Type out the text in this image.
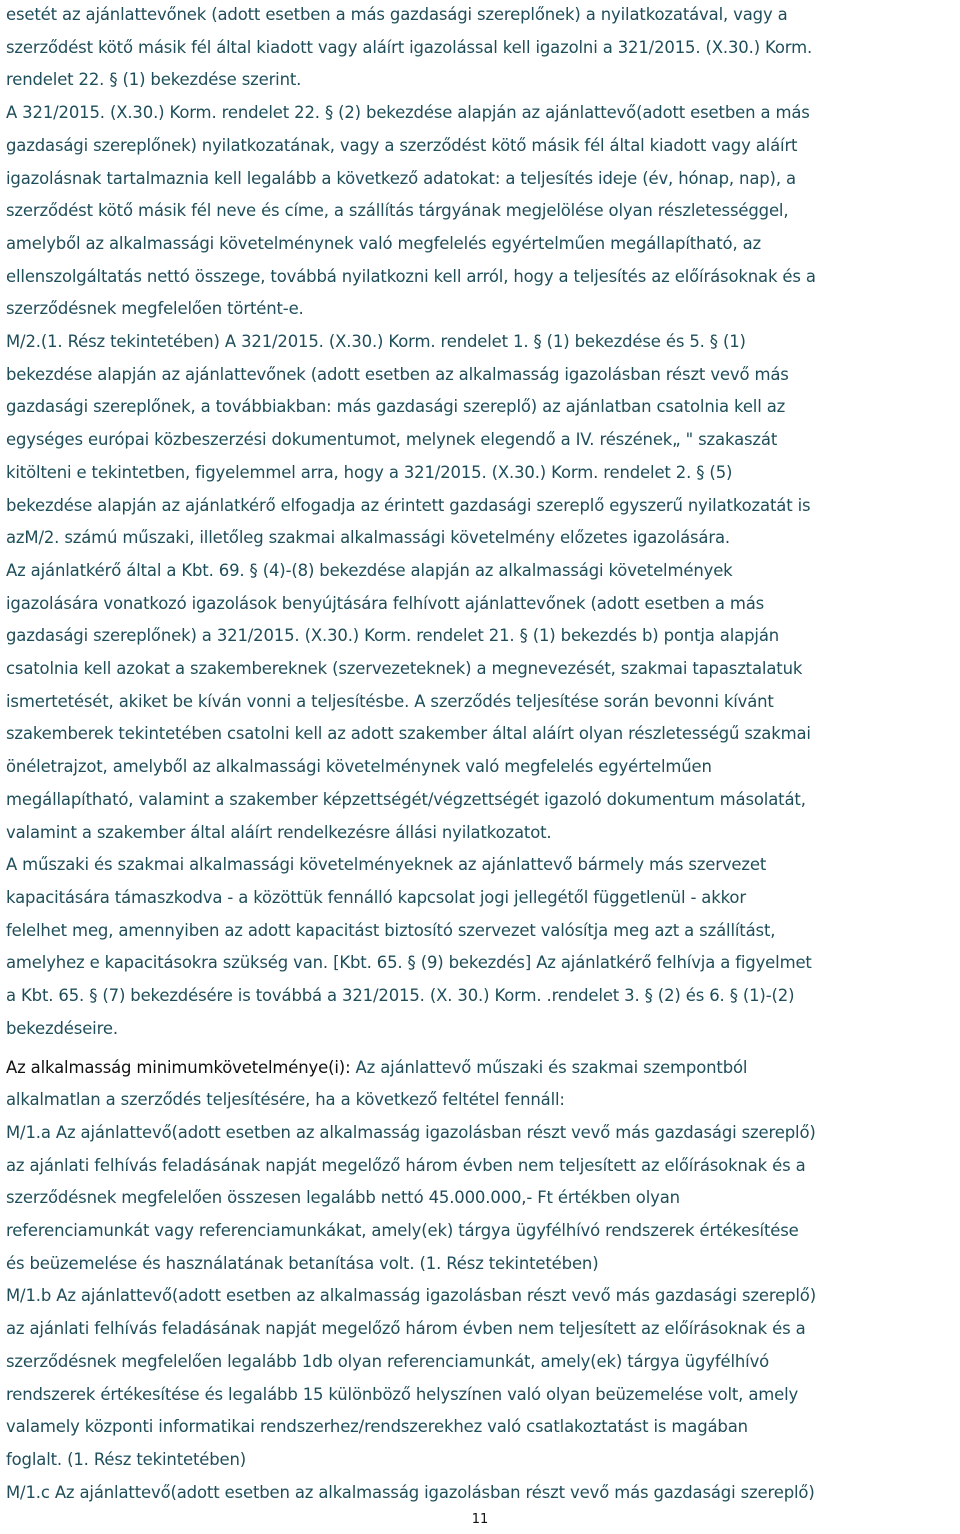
esetét az ajánlattevőnek (adott esetben a más gazdasági szereplőnek) a nyilatkozatával, vagy a
szerződést kötő másik fél által kiadott vagy aláírt igazolással kell igazolni a 321/2015. (X.30.) Korm.
rendelet 22. § (1) bekezdése szerint.
A 321/2015. (X.30.) Korm. rendelet 22. § (2) bekezdése alapján az ajánlattevő(adott esetben a más
gazdasági szereplőnek) nyilatkozatának, vagy a szerződést kötő másik fél által kiadott vagy aláírt
igazolásnak tartalmaznia kell legalább a következő adatokat: a teljesítés ideje (év, hónap, nap), a
szerződést kötő másik fél neve és címe, a szállítás tárgyának megjelölése olyan részletességgel,
amelyből az alkalmassági követelménynek való megfelelés egyértelműen megállapítható, az
ellenszolgáltatás nettó összege, továbbá nyilatkozni kell arról, hogy a teljesítés az előírásoknak és a
szerződésnek megfelelően történt-e.
M/2.(1. Rész tekintetében) A 321/2015. (X.30.) Korm. rendelet 1. § (1) bekezdése és 5. § (1)
bekezdése alapján az ajánlattevőnek (adott esetben az alkalmasság igazolásban részt vevő más
gazdasági szereplőnek, a továbbiakban: más gazdasági szereplő) az ajánlatban csatolnia kell az
egységes európai közbeszerzési dokumentumot, melynek elegendő a IV. részének„ " szakaszát
kitölteni e tekintetben, figyelemmel arra, hogy a 321/2015. (X.30.) Korm. rendelet 2. § (5)
bekezdése alapján az ajánlatkérő elfogadja az érintett gazdasági szereplő egyszerű nyilatkozatát is
azM/2. számú műszaki, illetőleg szakmai alkalmassági követelmény előzetes igazolására.
Az ajánlatkérő által a Kbt. 69. § (4)-(8) bekezdése alapján az alkalmassági követelmények
igazolására vonatkozó igazolások benyújtására felhívott ajánlattevőnek (adott esetben a más
gazdasági szereplőnek) a 321/2015. (X.30.) Korm. rendelet 21. § (1) bekezdés b) pontja alapján
csatolnia kell azokat a szakembereknek (szervezeteknek) a megnevezését, szakmai tapasztalatuk
ismertetését, akiket be kíván vonni a teljesítésbe. A szerződés teljesítése során bevonni kívánt
szakemberek tekintetében csatolni kell az adott szakember által aláírt olyan részletességű szakmai
önéletrajzot, amelyből az alkalmassági követelménynek való megfelelés egyértelműen
megállapítható, valamint a szakember képzettségét/végzettségét igazoló dokumentum másolatát,
valamint a szakember által aláírt rendelkezésre állási nyilatkozatot.
A műszaki és szakmai alkalmassági követelményeknek az ajánlattevő bármely más szervezet
kapacitására támaszkodva - a közöttük fennálló kapcsolat jogi jellegétől függetlenül - akkor
felelhet meg, amennyiben az adott kapacitást biztosító szervezet valósítja meg azt a szállítást,
amelyhez e kapacitásokra szükség van. [Kbt. 65. § (9) bekezdés] Az ajánlatkérő felhívja a figyelmet
a Kbt. 65. § (7) bekezdésére is továbbá a 321/2015. (X. 30.) Korm. .rendelet 3. § (2) és 6. § (1)-(2)
bekezdéseire.
Az alkalmasság minimumkövetelménye(i): Az ajánlattevő műszaki és szakmai szempontból
alkalmatlan a szerződés teljesítésére, ha a következő feltétel fennáll:
M/1.a Az ajánlattevő(adott esetben az alkalmasság igazolásban részt vevő más gazdasági szereplő)
az ajánlati felhívás feladásának napját megelőző három évben nem teljesített az előírásoknak és a
szerződésnek megfelelően összesen legalább nettó 45.000.000,- Ft értékben olyan
referenciamunkát vagy referenciamunkákat, amely(ek) tárgya ügyfélhívó rendszerek értékesítése
és beüzemelése és használatának betanítása volt. (1. Rész tekintetében)
M/1.b Az ajánlattevő(adott esetben az alkalmasság igazolásban részt vevő más gazdasági szereplő)
az ajánlati felhívás feladásának napját megelőző három évben nem teljesített az előírásoknak és a
szerződésnek megfelelően legalább 1db olyan referenciamunkát, amely(ek) tárgya ügyfélhívó
rendszerek értékesítése és legalább 15 különböző helyszínen való olyan beüzemelése volt, amely
valamely központi informatikai rendszerhez/rendszerekhez való csatlakoztatást is magában
foglalt. (1. Rész tekintetében)
M/1.c Az ajánlattevő(adott esetben az alkalmasság igazolásban részt vevő más gazdasági szereplő)
11
